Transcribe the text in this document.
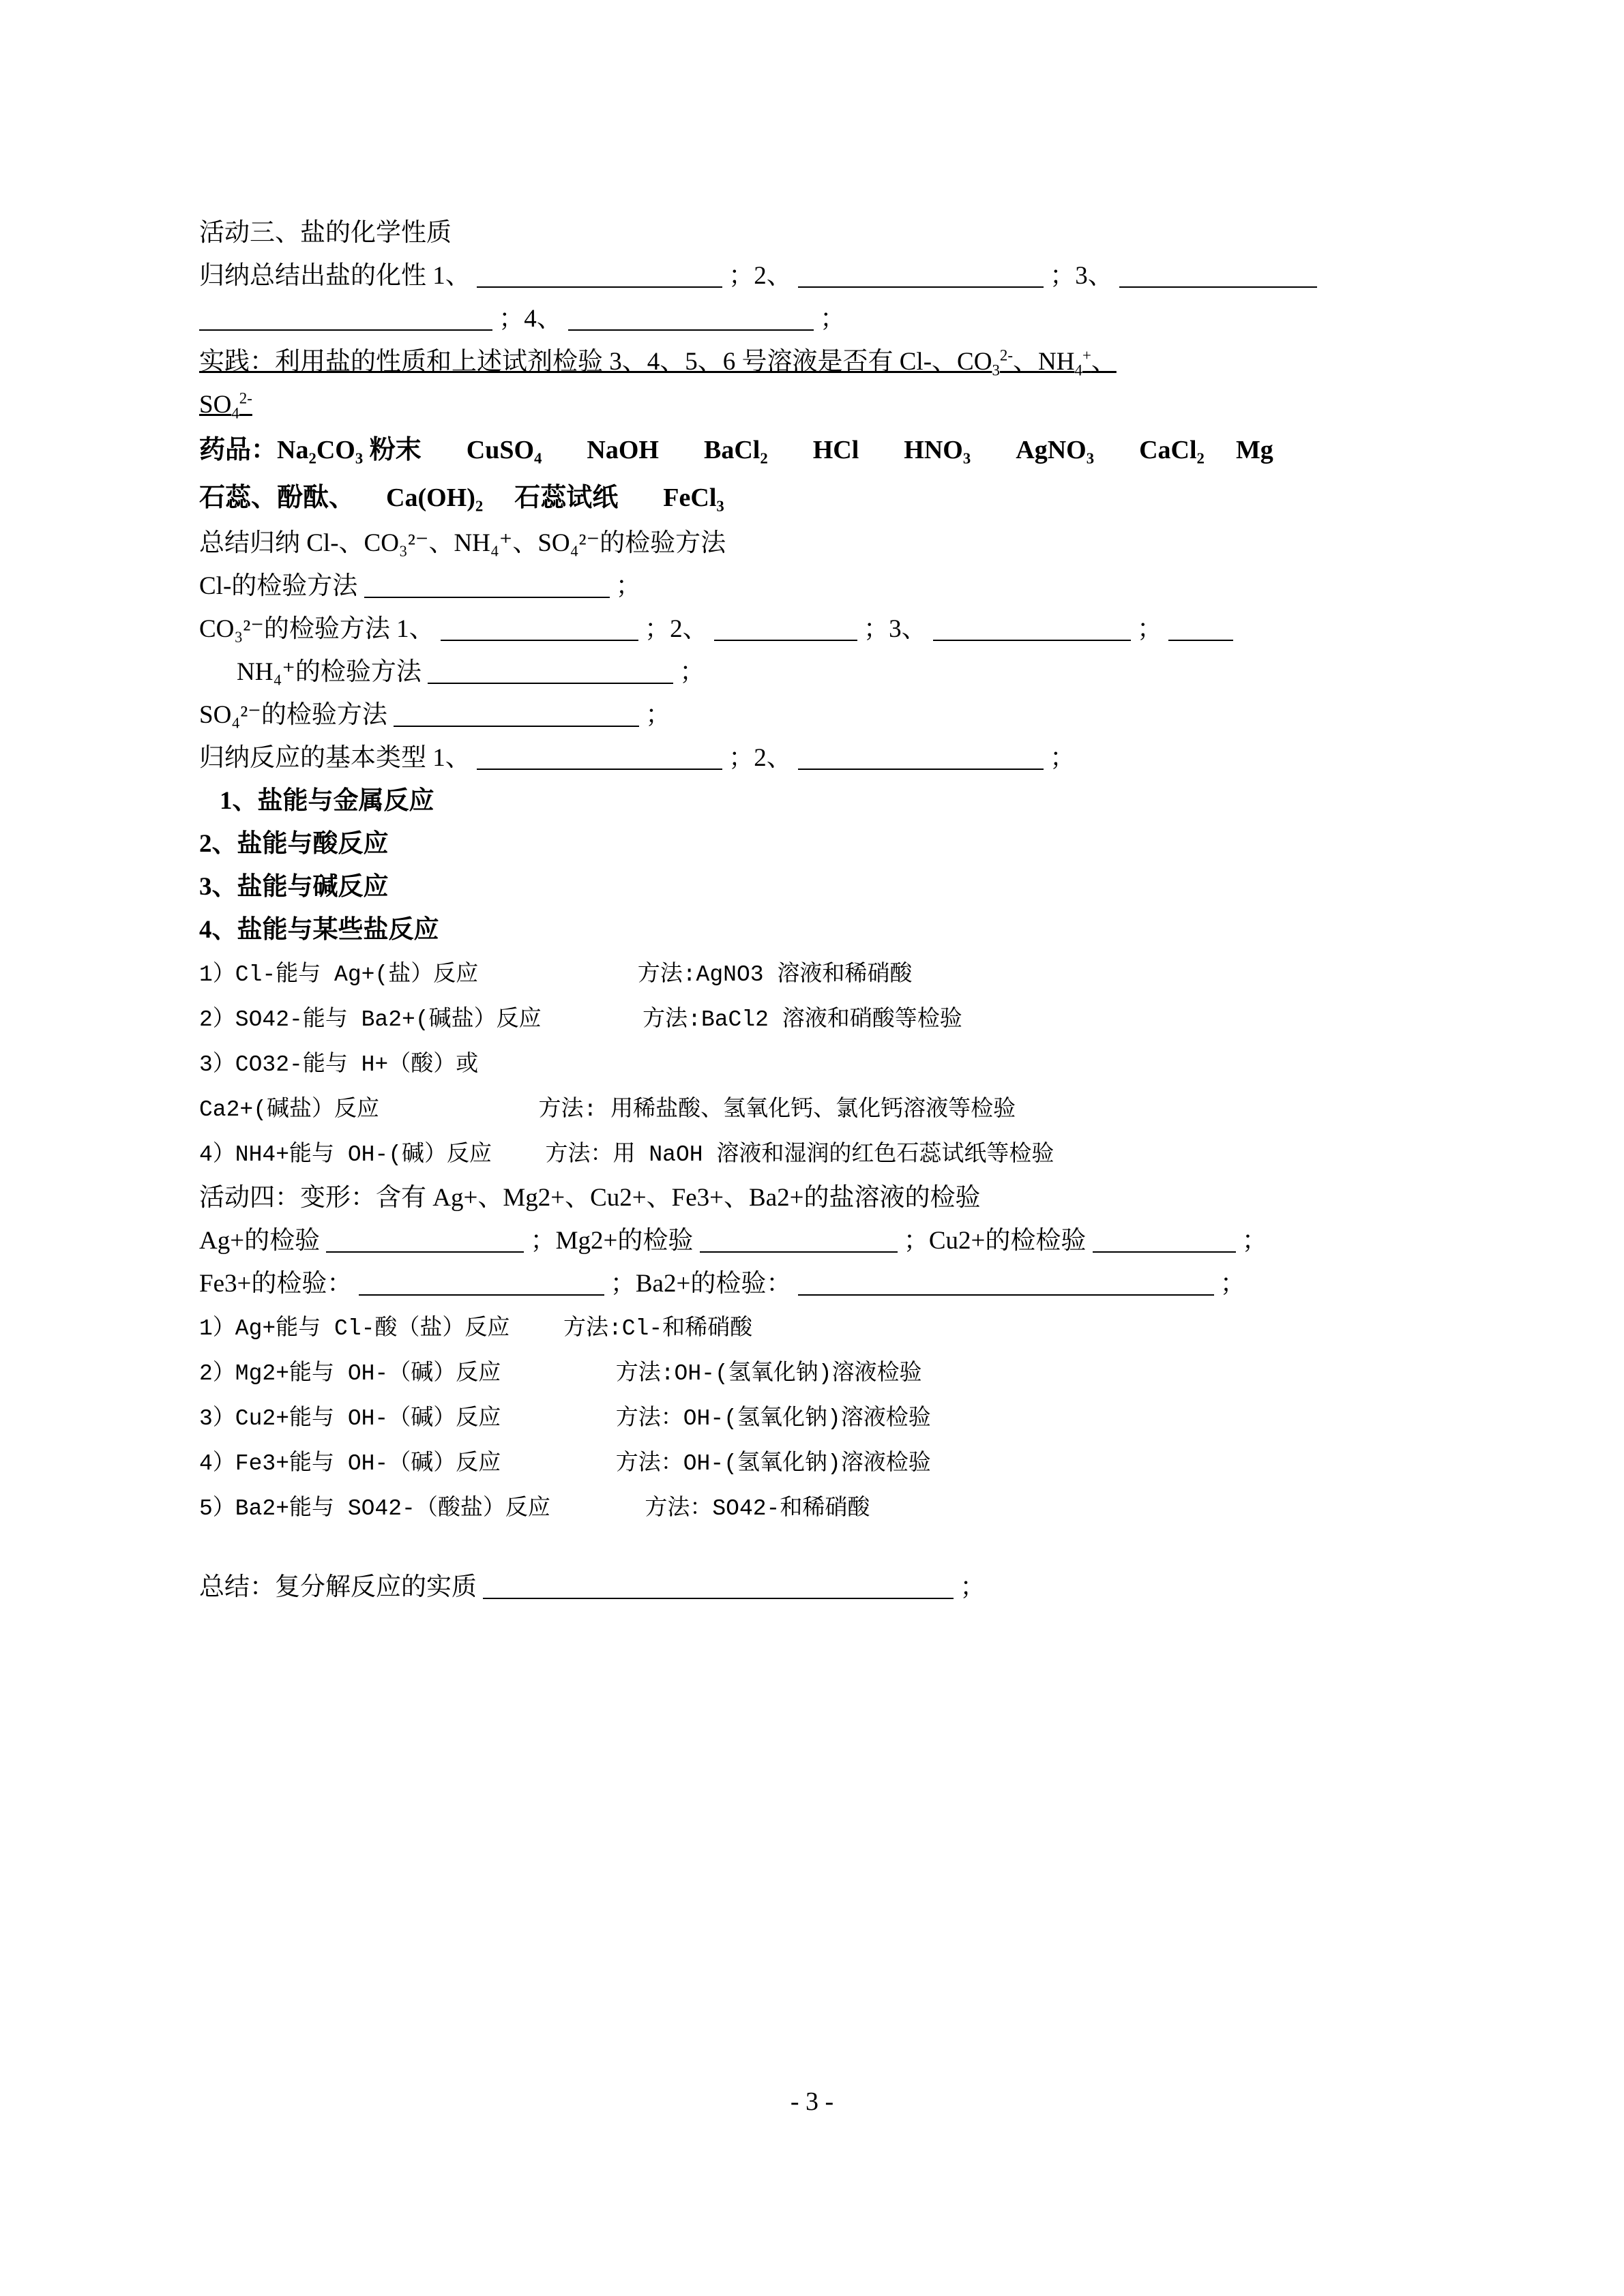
活动三、盐的化学性质
归纳总结出盐的化性 1、	；2、	；3、   ；4、	；
实践：利用盐的性质和上述试剂检验 3、4、5、6 号溶液是否有 Cl-、$CO_3^{2-}$、$NH_4^+$、
$SO_4^{2-}$
药品：Na₂CO₃ 粉末 CuSO₄ NaOH BaCl₂ HCl HNO₃ AgNO₃ CaCl₂ Mg
石蕊、酚酞、 Ca(OH)₂ 石蕊试纸 FeCl₃
总结归纳 Cl-、CO₃²⁻、NH₄⁺、SO₄²⁻的检验方法
Cl-的检验方法	；
CO₃²⁻的检验方法 1、	；2、	；3、	；
NH₄⁺的检验方法	；
SO₄²⁻的检验方法	；
归纳反应的基本类型 1、	；2、	；
1、盐能与金属反应
2、盐能与酸反应
3、盐能与碱反应
4、盐能与某些盐反应
1）Cl-能与 Ag+(盐）反应	方法:AgNO3 溶液和稀硝酸
2）SO42-能与 Ba2+(碱盐）反应	方法:BaCl2 溶液和硝酸等检验
3）CO32-能与 H+（酸）或
Ca2+(碱盐）反应	方法: 用稀盐酸、氢氧化钙、氯化钙溶液等检验
4）NH4+能与 OH-(碱）反应 方法：用 NaOH 溶液和湿润的红色石蕊试纸等检验
活动四：变形：含有 Ag+、Mg2+、Cu2+、Fe3+、Ba2+的盐溶液的检验
Ag+的检验	；Mg2+的检验	；Cu2+的检检验	；
Fe3+的检验：	；Ba2+的检验：	；
1）Ag+能与 Cl-酸（盐）反应 方法:Cl-和稀硝酸
2）Mg2+能与 OH-（碱）反应	方法:OH-(氢氧化钠)溶液检验
3）Cu2+能与 OH-（碱）反应	方法：OH-(氢氧化钠)溶液检验
4）Fe3+能与 OH-（碱）反应	方法：OH-(氢氧化钠)溶液检验
5）Ba2+能与 SO42-（酸盐）反应	方法：SO42-和稀硝酸
总结：复分解反应的实质	；
- 3 -
